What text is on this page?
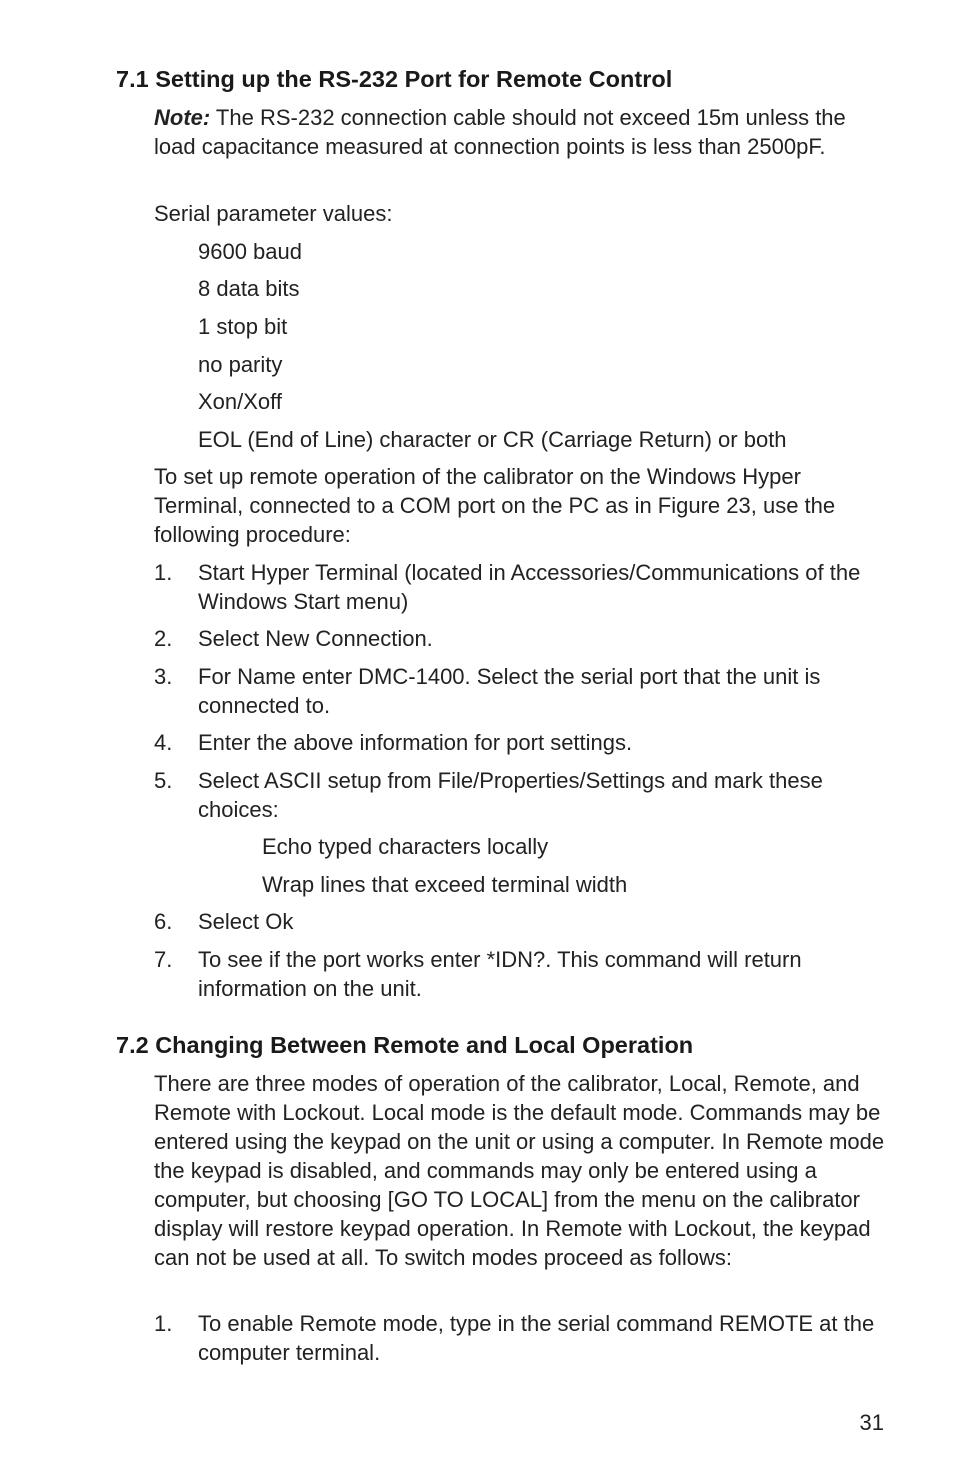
7.1 Setting up the RS-232 Port for Remote Control

Note: The RS-232 connection cable should not exceed 15m unless the load capacitance measured at connection points is less than 2500pF.

Serial parameter values:

9600 baud

8 data bits

1 stop bit

no parity

Xon/Xoff

EOL (End of Line) character or CR (Carriage Return) or both

To set up remote operation of the calibrator on the Windows Hyper Terminal, connected to a COM port on the PC as in Figure 23, use the following procedure:

1.	Start Hyper Terminal (located in Accessories/Communications of the Windows Start menu)
2.	Select New Connection.
3.	For Name enter DMC-1400. Select the serial port that the unit is connected to.
4.	Enter the above information for port settings.
5.	Select ASCII setup from File/Properties/Settings and mark these choices:

Echo typed characters locally

Wrap lines that exceed terminal width

6.	Select Ok
7.	To see if the port works enter *IDN?. This command will return information on the unit.
7.2 Changing Between Remote and Local Operation

There are three modes of operation of the calibrator, Local, Remote, and Remote with Lockout. Local mode is the default mode. Commands may be entered using the keypad on the unit or using a computer. In Remote mode the keypad is disabled, and commands may only be entered using a computer, but choosing [GO TO LOCAL] from the menu on the calibrator display will restore keypad operation. In Remote with Lockout, the keypad can not be used at all. To switch modes proceed as follows:

1.	To enable Remote mode, type in the serial command REMOTE at the computer terminal.

31
